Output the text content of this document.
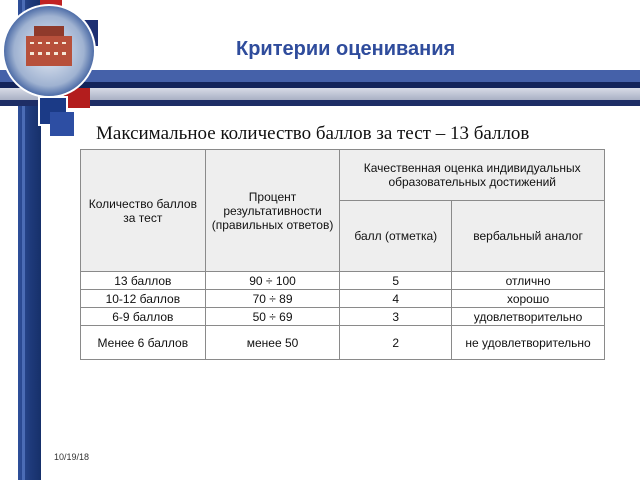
Критерии оценивания
Максимальное количество баллов за тест – 13 баллов
Количество баллов за тест	Процент результативности (правильных ответов)	Качественная оценка индивидуальных образовательных достижений	
		балл (отметка)	вербальный аналог
13 баллов	90 ÷ 100	5	отлично
10-12 баллов	70 ÷ 89	4	хорошо
6-9 баллов	50 ÷ 69	3	удовлетворительно
Менее 6 баллов	менее 50	2	не удовлетворительно
10/19/18
